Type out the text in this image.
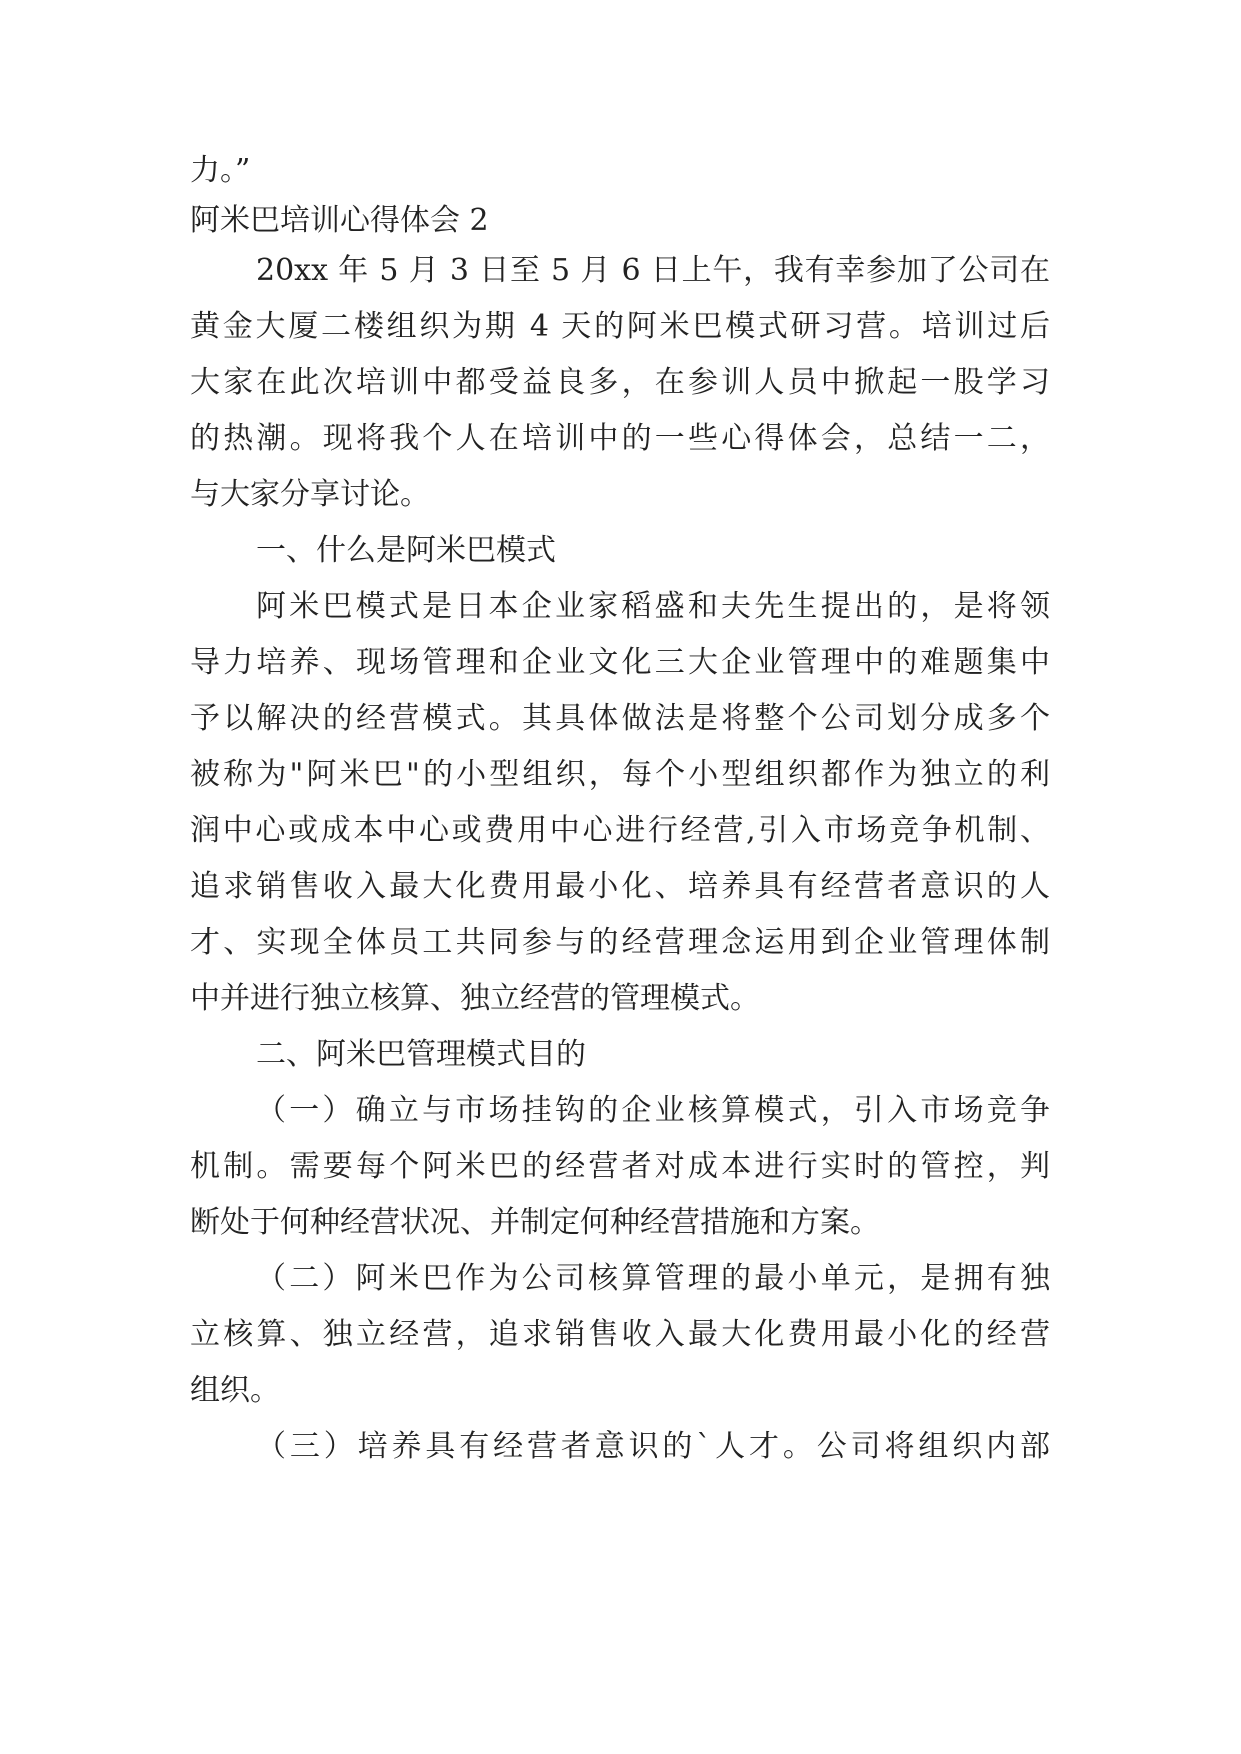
力。”
阿米巴培训心得体会 2
20xx 年 5 月 3 日至 5 月 6 日上午，我有幸参加了公司在
黄金大厦二楼组织为期 4 天的阿米巴模式研习营。培训过后
大家在此次培训中都受益良多，在参训人员中掀起一股学习
的热潮。现将我个人在培训中的一些心得体会，总结一二，
与大家分享讨论。
一、什么是阿米巴模式
阿米巴模式是日本企业家稻盛和夫先生提出的，是将领
导力培养、现场管理和企业文化三大企业管理中的难题集中
予以解决的经营模式。其具体做法是将整个公司划分成多个
被称为"阿米巴"的小型组织，每个小型组织都作为独立的利
润中心或成本中心或费用中心进行经营,引入市场竞争机制、
追求销售收入最大化费用最小化、培养具有经营者意识的人
才、实现全体员工共同参与的经营理念运用到企业管理体制
中并进行独立核算、独立经营的管理模式。
二、阿米巴管理模式目的
（一）确立与市场挂钩的企业核算模式，引入市场竞争
机制。需要每个阿米巴的经营者对成本进行实时的管控，判
断处于何种经营状况、并制定何种经营措施和方案。
（二）阿米巴作为公司核算管理的最小单元，是拥有独
立核算、独立经营，追求销售收入最大化费用最小化的经营
组织。
（三）培养具有经营者意识的`人才。公司将组织内部
